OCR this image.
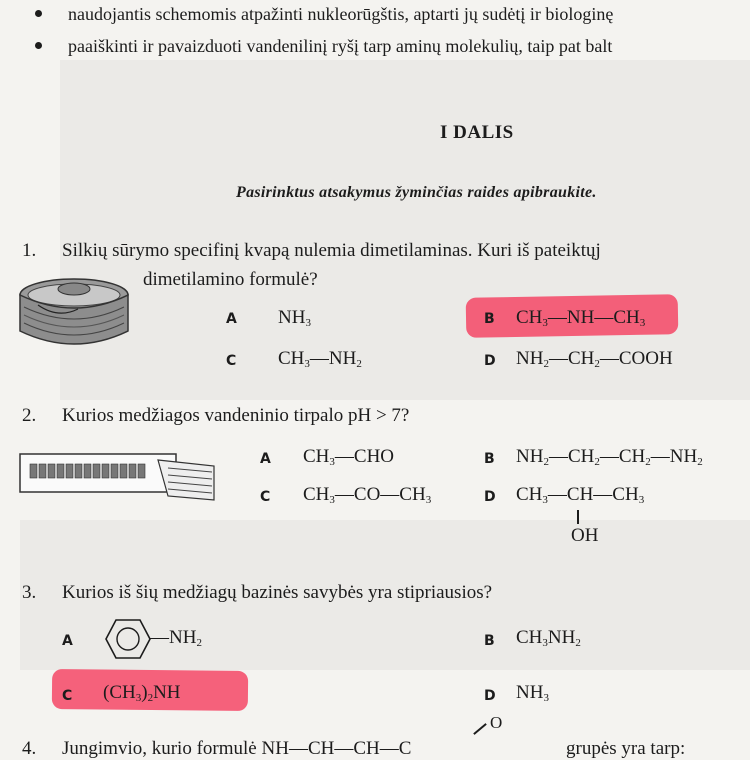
naudojantis schemomis atpažinti nukleorūgštis, aptarti jų sudėtį ir biologinę
paaiškinti ir pavaizduoti vandenilinį ryšį tarp aminų molekulių, taip pat balt
I DALIS
Pasirinktus atsakymus žyminčias raides apibraukite.
1. Silkių sūrymo specifinį kvapą nulemia dimetilaminas. Kuri iš pateiktųj
dimetilamino formulė?
A $NH_3$	B $CH_3—NH—CH_3$
C $CH_3—NH_2$	D $NH_2—CH_2—COOH$
2. Kurios medžiagos vandeninio tirpalo pH > 7?
A $CH_3—CHO$	B $NH_2—CH_2—CH_2—NH_2$
C $CH_3—CO—CH_3$	D $CH_3—CH—CH_3$
OH
3. Kurios iš šių medžiagų bazinės savybės yra stipriausios?
A	$—NH_2$	B $CH_3NH_2$
C $(CH_3)_2NH$	D $NH_3$
O
4. Jungimvio, kurio formulė NH—CH—CH—C	grupės yra tarp:
